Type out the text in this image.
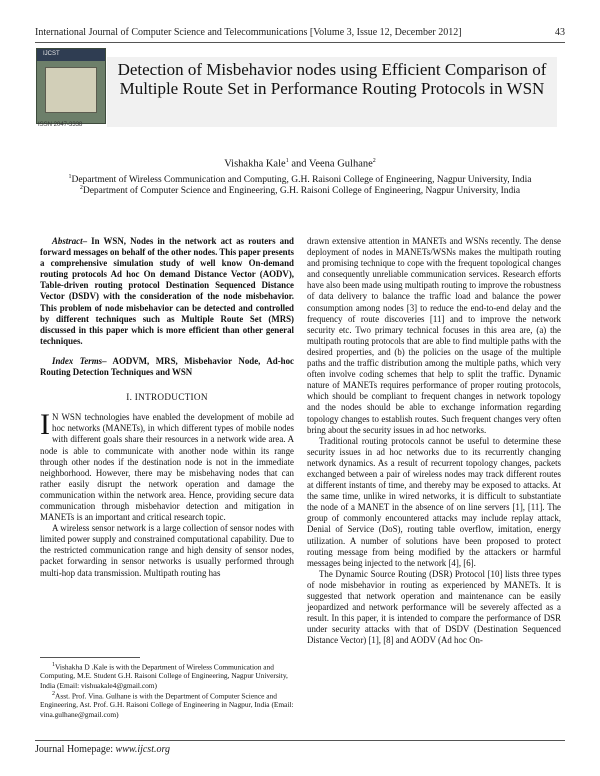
International Journal of Computer Science and Telecommunications [Volume 3, Issue 12, December 2012]	43
IJCST
ISSN 2047-3338
Detection of Misbehavior nodes using Efficient Comparison of Multiple Route Set in Performance Routing Protocols in WSN
Vishakha Kale$^1$ and Veena Gulhane$^2$
$^1$Department of Wireless Communication and Computing, G.H. Raisoni College of Engineering, Nagpur University, India
$^2$Department of Computer Science and Engineering, G.H. Raisoni College of Engineering, Nagpur University, India

Abstract– In WSN, Nodes in the network act as routers and forward messages on behalf of the other nodes. This paper presents a comprehensive simulation study of well know On-demand routing protocols Ad hoc On demand Distance Vector (AODV), Table-driven routing protocol Destination Sequenced Distance Vector (DSDV) with the consideration of the node misbehavior. This problem of node misbehavior can be detected and controlled by different techniques such as Multiple Route Set (MRS) discussed in this paper which is more efficient than other general techniques.

Index Terms– AODVM, MRS, Misbehavior Node, Ad-hoc Routing Detection Techniques and WSN

I. INTRODUCTION

I N WSN technologies have enabled the development of mobile ad hoc networks (MANETs), in which different types of mobile nodes with different goals share their resources in a network wide area. A node is able to communicate with another node within its range through other nodes if the destination node is not in the immediate neighborhood. However, there may be misbehaving nodes that can rather easily disrupt the network operation and damage the communication within the network area. Hence, providing secure data communication through misbehavior detection and mitigation in MANETs is an important and critical research topic.

A wireless sensor network is a large collection of sensor nodes with limited power supply and constrained computational capability. Due to the restricted communication range and high density of sensor nodes, packet forwarding in sensor networks is usually performed through multi-hop data transmission. Multipath routing has

$^1$Vishakha D .Kale is with the Department of Wireless Communication and Computing, M.E. Student G.H. Raisoni College of Engineering, Nagpur University, India (Email: vishuakale4@gmail.com)

$^2$Asst. Prof. Vina. Gulhane is with the Department of Computer Science and Engineering, Ast. Prof. G.H. Raisoni College of Engineering in Nagpur, India (Email: vina.gulhane@gmail.com)

drawn extensive attention in MANETs and WSNs recently. The dense deployment of nodes in MANETs/WSNs makes the multipath routing and promising technique to cope with the frequent topological changes and consequently unreliable communication services. Research efforts have also been made using multipath routing to improve the robustness of data delivery to balance the traffic load and balance the power consumption among nodes [3] to reduce the end-to-end delay and the frequency of route discoveries [11] and to improve the network security etc. Two primary technical focuses in this area are, (a) the multipath routing protocols that are able to find multiple paths with the desired properties, and (b) the policies on the usage of the multiple paths and the traffic distribution among the multiple paths, which very often involve coding schemes that help to split the traffic. Dynamic nature of MANETs requires performance of proper routing protocols, which should be compliant to frequent changes in network topology and the nodes should be able to exchange information regarding topology changes to establish routes. Such frequent changes very often bring about the security issues in ad hoc networks.

Traditional routing protocols cannot be useful to determine these security issues in ad hoc networks due to its recurrently changing network dynamics. As a result of recurrent topology changes, packets exchanged between a pair of wireless nodes may track different routes at different instants of time, and thereby may be exposed to attacks. At the same time, unlike in wired networks, it is difficult to substantiate the node of a MANET in the absence of on line servers [1], [11]. The group of commonly encountered attacks may include replay attack, Denial of Service (DoS), routing table overflow, imitation, energy utilization. A number of solutions have been proposed to protect routing message from being modified by the attackers or harmful messages being injected to the network [4], [6].

The Dynamic Source Routing (DSR) Protocol [10] lists three types of node misbehavior in routing as experienced by MANETs. It is suggested that network operation and maintenance can be easily jeopardized and network performance will be severely affected as a result. In this paper, it is intended to compare the performance of DSR under security attacks with that of DSDV (Destination Sequenced Distance Vector) [1], [8] and AODV (Ad hoc On-

Journal Homepage: www.ijcst.org
